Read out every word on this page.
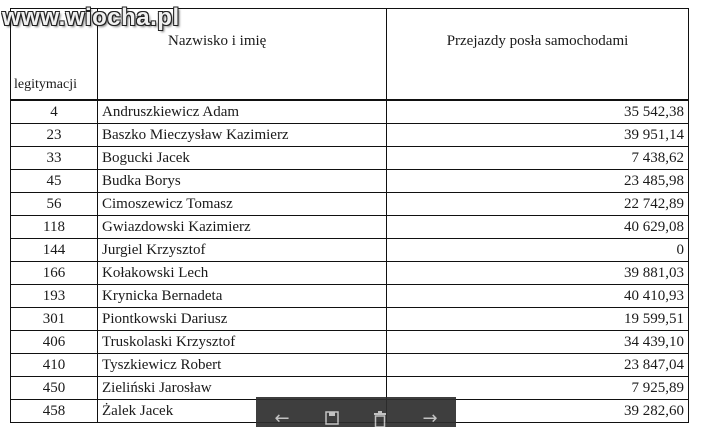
www.wiocha.pl
legitymacji	Nazwisko i imię	Przejazdy posła samochodami
4	Andruszkiewicz Adam	35 542,38
23	Baszko Mieczysław Kazimierz	39 951,14
33	Bogucki Jacek	7 438,62
45	Budka Borys	23 485,98
56	Cimoszewicz Tomasz	22 742,89
118	Gwiazdowski Kazimierz	40 629,08
144	Jurgiel Krzysztof	0
166	Kołakowski Lech	39 881,03
193	Krynicka Bernadeta	40 410,93
301	Piontkowski Dariusz	19 599,51
406	Truskolaski Krzysztof	34 439,10
410	Tyszkiewicz Robert	23 847,04
450	Zieliński Jarosław	7 925,89
458	Żalek Jacek	39 282,60
←	→
